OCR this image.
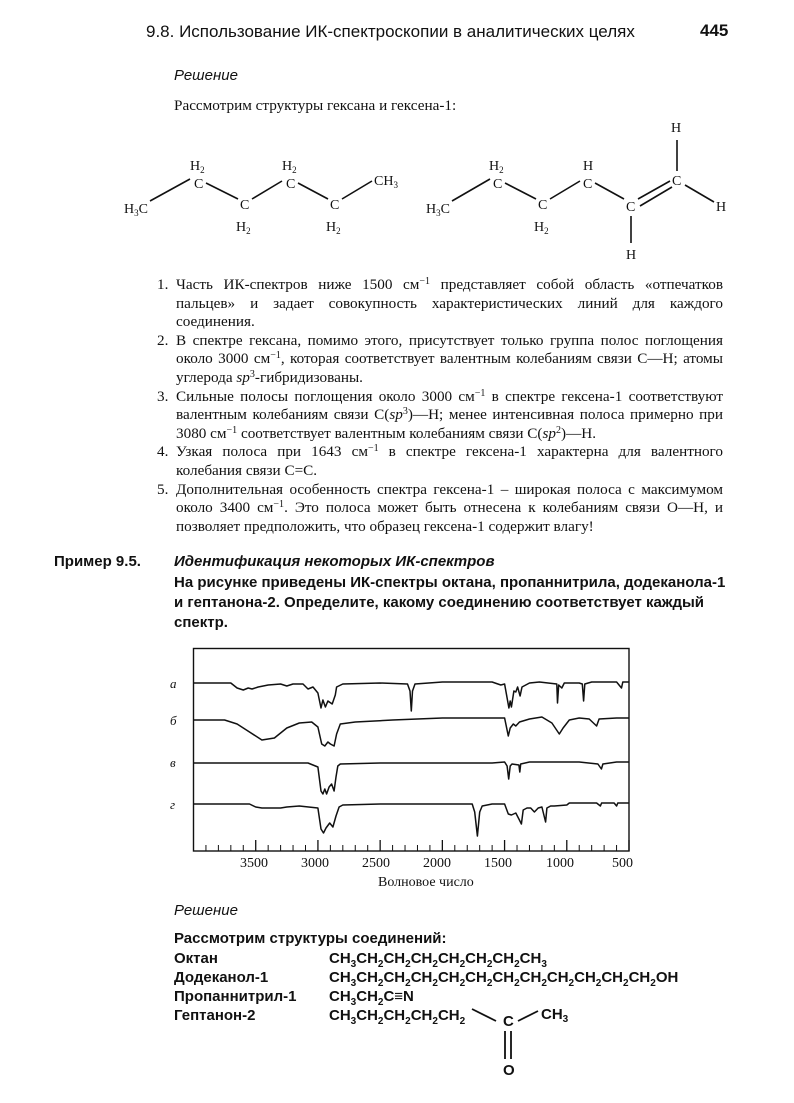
9.8. Использование ИК-спектроскопии в аналитических целях	445
Решение
Рассмотрим структуры гексана и гексена-1:
$H_3C$
C
$H_2$
C
$H_2$
C
$H_2$
C
$H_2$
$CH_3$
$H_3C$
C
$H_2$
C
$H_2$
C
H
C
H
C
H
H
1. Часть ИК-спектров ниже 1500 $см^{-1}$ представляет собой область «отпечатков пальцев» и задает совокупность характеристических линий для каждого соединения.
2. В спектре гексана, помимо этого, присутствует только группа полос поглощения около 3000 $см^{-1}$, которая соответствует валентным колебаниям связи С—Н; атомы углерода $sp^3$-гибридизованы.
3. Сильные полосы поглощения около 3000 $см^{-1}$ в спектре гексена-1 соответствуют валентным колебаниям связи $С(sp^3)—Н$; менее интенсивная полоса примерно при 3080 $см^{-1}$ соответствует валентным колебаниям связи $С(sp^2)—Н$.
4. Узкая полоса при 1643 $см^{-1}$ в спектре гексена-1 характерна для валентного колебания связи С=С.
5. Дополнительная особенность спектра гексена-1 – широкая полоса с максимумом около 3400 $см^{-1}$. Это полоса может быть отнесена к колебаниям связи О—Н, и позволяет предположить, что образец гексена-1 содержит влагу!
Пример 9.5. Идентификация некоторых ИК-спектров
На рисунке приведены ИК-спектры октана, пропаннитрила, додеканола-1 и гептанона-2. Определите, какому соединению соответствует каждый спектр.
а
б
в
г
3500 3000 2500 2000 1500 1000	500
Волновое число
Решение
Рассмотрим структуры соединений:
Октан	$CH_3CH_2CH_2CH_2CH_2CH_2CH_2CH_3$
Додеканол-1	$CH_3CH_2CH_2CH_2CH_2CH_2CH_2CH_2CH_2CH_2CH_2CH_2OH$
Пропаннитрил-1 $CH_3CH_2C\equiv N$
Гептанон-2	$CH_3CH_2CH_2CH_2CH_2$	C $CH_3$
O
